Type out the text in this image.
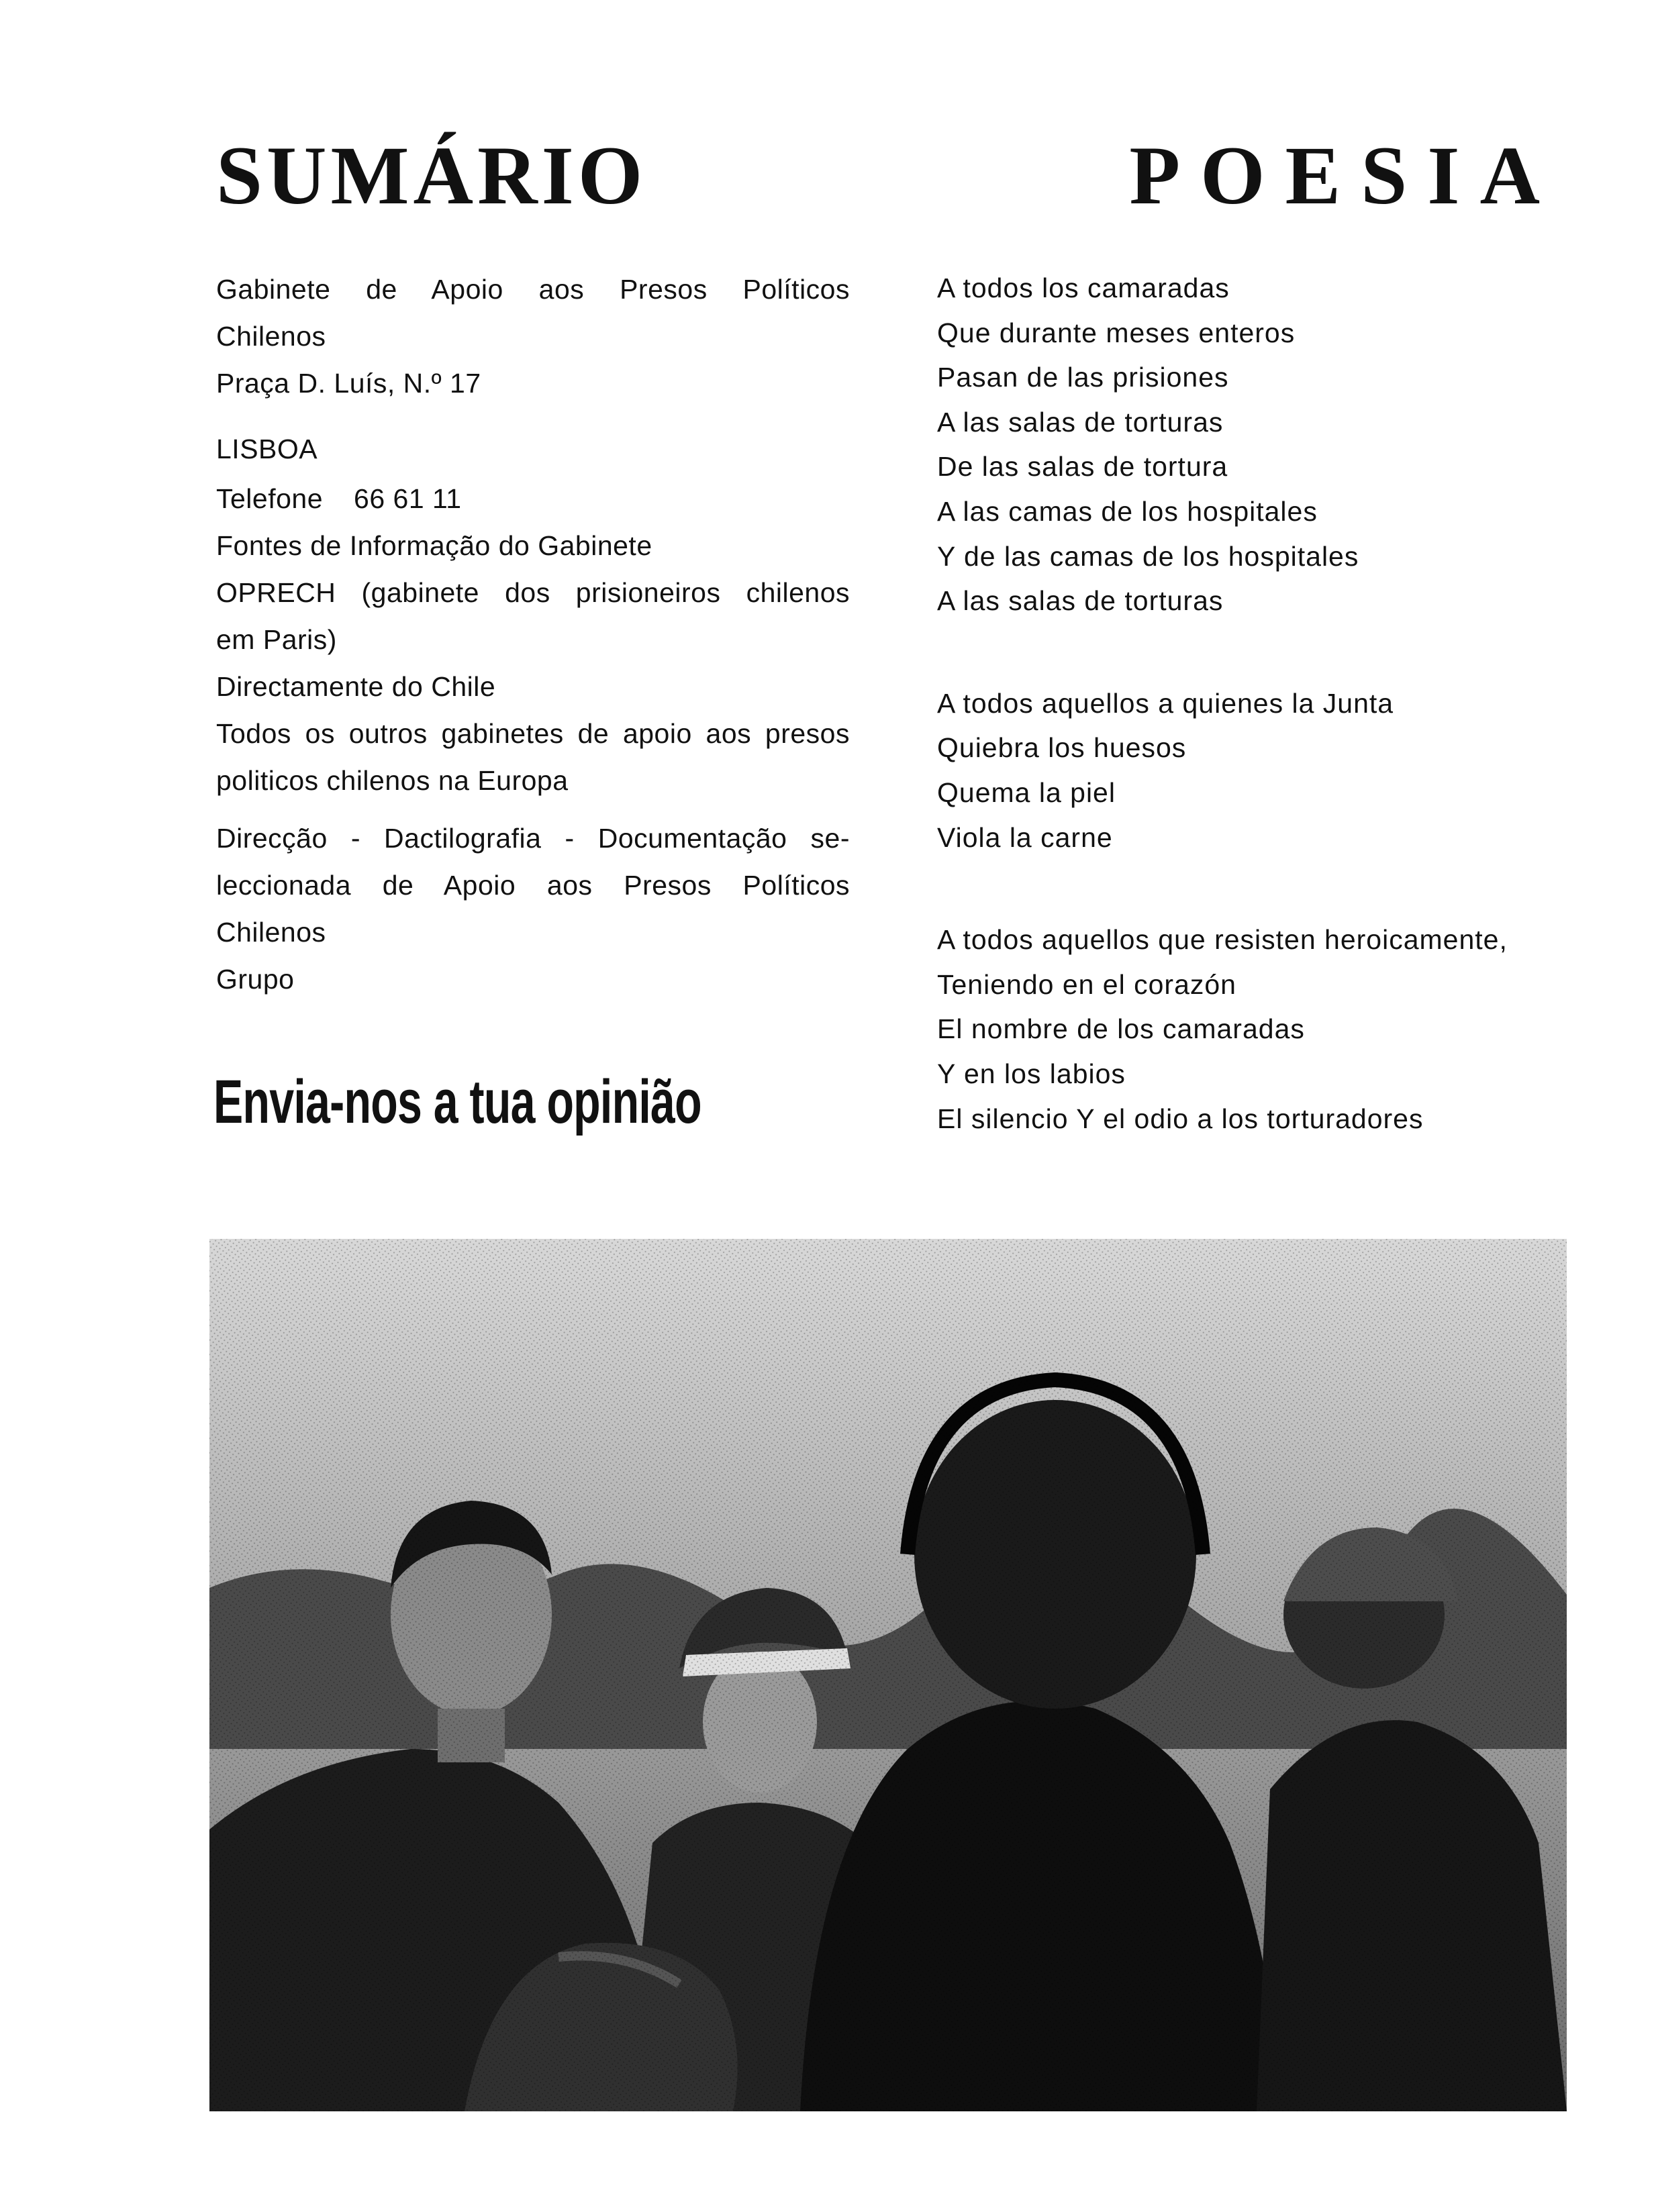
SUMÁRIO	POESIA
Gabinete de Apoio aos Presos Políticos
Chilenos
Praça D. Luís, N.º 17
LISBOA
Telefone 66 61 11
Fontes de Informação do Gabinete
OPRECH (gabinete dos prisioneiros chilenos
em Paris)
Directamente do Chile
Todos os outros gabinetes de apoio aos presos
politicos chilenos na Europa
Direcção - Dactilografia - Documentação se-
leccionada de Apoio aos Presos Políticos
Chilenos
Grupo
Envia-nos a tua opinião
A todos los camaradas
Que durante meses enteros
Pasan de las prisiones
A las salas de torturas
De las salas de tortura
A las camas de los hospitales
Y de las camas de los hospitales
A las salas de torturas
A todos aquellos a quienes la Junta
Quiebra los huesos
Quema la piel
Viola la carne
A todos aquellos que resisten heroicamente,
Teniendo en el corazón
El nombre de los camaradas
Y en los labios
El silencio Y el odio a los torturadores
